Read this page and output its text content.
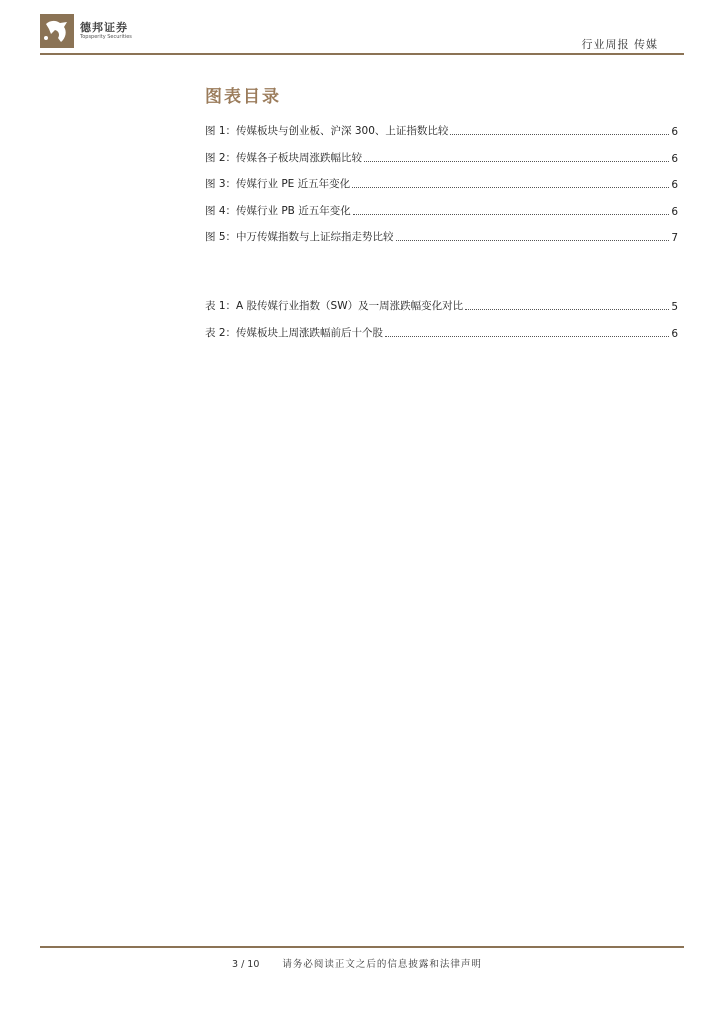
德邦证券
Topsperity Securities
行业周报 传媒
图表目录
图 1：传媒板块与创业板、沪深 300、上证指数比较	6
图 2：传媒各子板块周涨跌幅比较	6
图 3：传媒行业 PE 近五年变化	6
图 4：传媒行业 PB 近五年变化	6
图 5：中万传媒指数与上证综指走势比较	7
表 1：A 股传媒行业指数（SW）及一周涨跌幅变化对比	5
表 2：传媒板块上周涨跌幅前后十个股	6
3 / 10 请务必阅读正文之后的信息披露和法律声明
